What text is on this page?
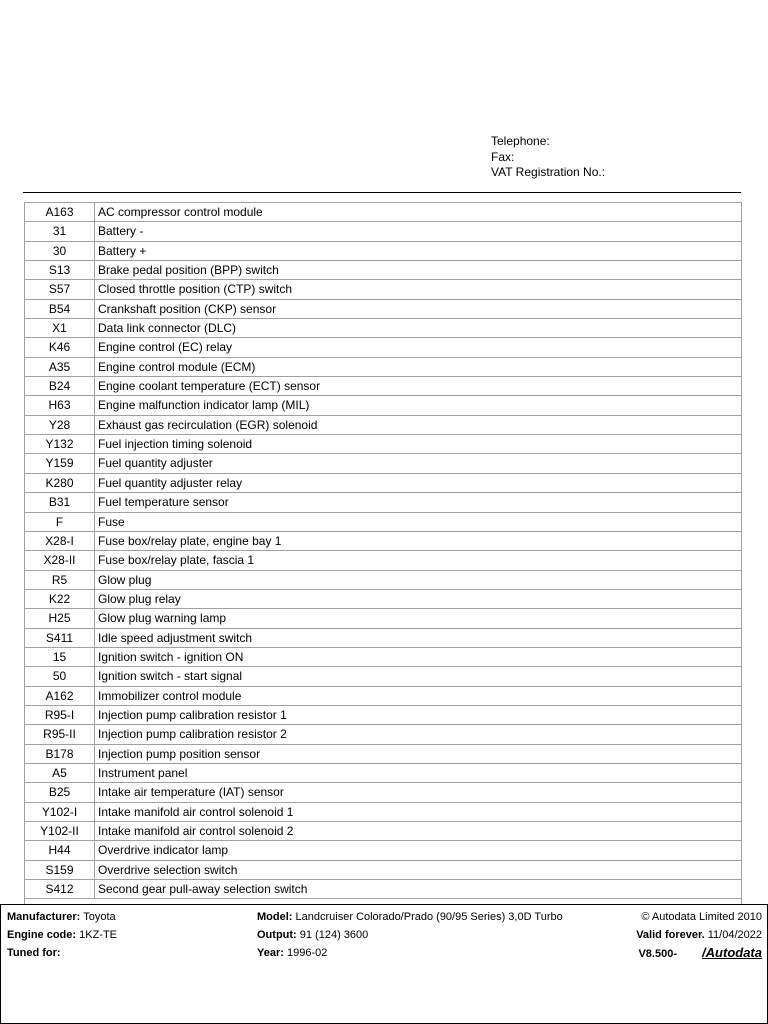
Telephone:
Fax:
VAT Registration No.:
A163	AC compressor control module
31	Battery -
30	Battery +
S13	Brake pedal position (BPP) switch
S57	Closed throttle position (CTP) switch
B54	Crankshaft position (CKP) sensor
X1	Data link connector (DLC)
K46	Engine control (EC) relay
A35	Engine control module (ECM)
B24	Engine coolant temperature (ECT) sensor
H63	Engine malfunction indicator lamp (MIL)
Y28	Exhaust gas recirculation (EGR) solenoid
Y132	Fuel injection timing solenoid
Y159	Fuel quantity adjuster
K280	Fuel quantity adjuster relay
B31	Fuel temperature sensor
F	Fuse
X28-I	Fuse box/relay plate, engine bay 1
X28-II	Fuse box/relay plate, fascia 1
R5	Glow plug
K22	Glow plug relay
H25	Glow plug warning lamp
S411	Idle speed adjustment switch
15	Ignition switch - ignition ON
50	Ignition switch - start signal
A162	Immobilizer control module
R95-I	Injection pump calibration resistor 1
R95-II	Injection pump calibration resistor 2
B178	Injection pump position sensor
A5	Instrument panel
B25	Intake air temperature (IAT) sensor
Y102-I	Intake manifold air control solenoid 1
Y102-II	Intake manifold air control solenoid 2
H44	Overdrive indicator lamp
S159	Overdrive selection switch
S412	Second gear pull-away selection switch
Manufacturer: Toyota
Engine code: 1KZ-TE
Tuned for:
Model: Landcruiser Colorado/Prado (90/95 Series) 3,0D Turbo
Output: 91 (124) 3600
Year: 1996-02
© Autodata Limited 2010
Valid forever. 11/04/2022
V8.500- /Autodata
